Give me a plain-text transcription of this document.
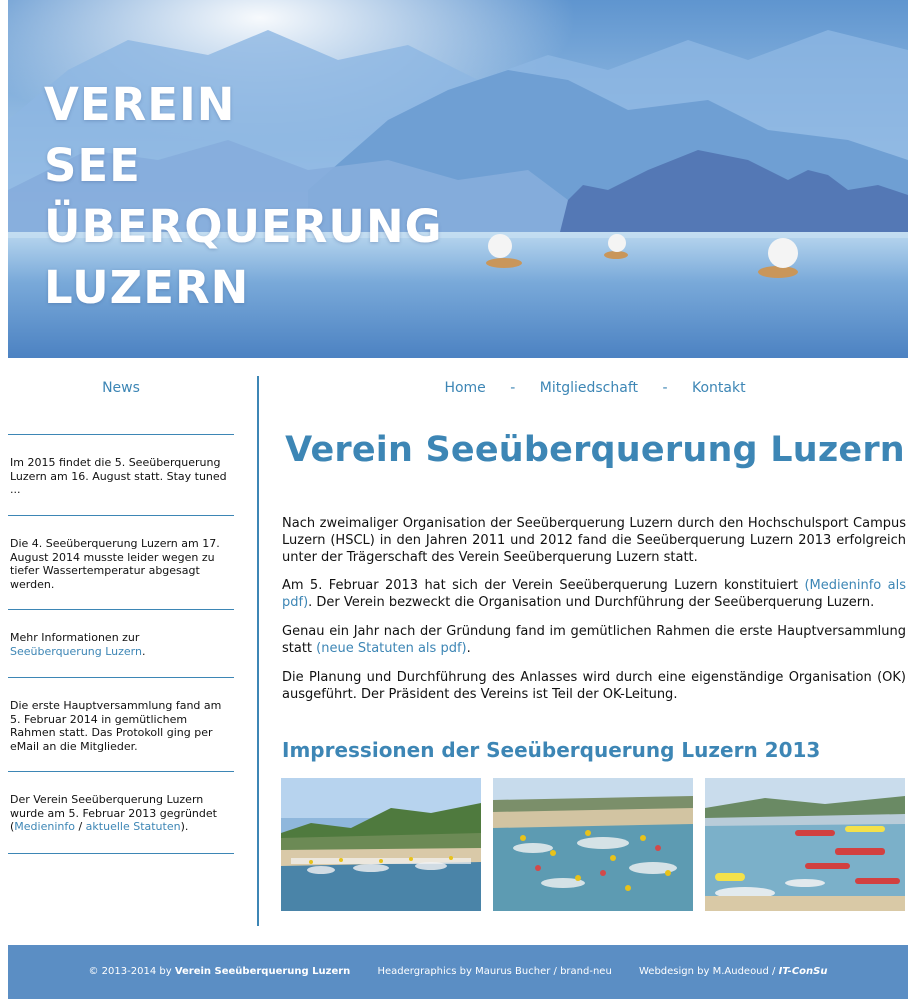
VEREIN
SEE
ÜBERQUERUNG
LUZERN
News
Im 2015 findet die 5. Seeüberquerung Luzern am 16. August statt. Stay tuned ...
Die 4. Seeüberquerung Luzern am 17. August 2014 musste leider wegen zu tiefer Wassertemperatur abgesagt werden.
Mehr Informationen zur Seeüberquerung Luzern.
Die erste Hauptversammlung fand am 5. Februar 2014 in gemütlichem Rahmen statt. Das Protokoll ging per eMail an die Mitglieder.
Der Verein Seeüberquerung Luzern wurde am 5. Februar 2013 gegründet (Medieninfo / aktuelle Statuten).
Home - Mitgliedschaft - Kontakt
Verein Seeüberquerung Luzern

Nach zweimaliger Organisation der Seeüberquerung Luzern durch den Hochschulsport Campus Luzern (HSCL) in den Jahren 2011 und 2012 fand die Seeüberquerung Luzern 2013 erfolgreich unter der Trägerschaft des Verein Seeüberquerung Luzern statt.

Am 5. Februar 2013 hat sich der Verein Seeüberquerung Luzern konstituiert (Medieninfo als pdf). Der Verein bezweckt die Organisation und Durchführung der Seeüberquerung Luzern.

Genau ein Jahr nach der Gründung fand im gemütlichen Rahmen die erste Hauptversammlung statt (neue Statuten als pdf).

Die Planung und Durchführung des Anlasses wird durch eine eigenständige Organisation (OK) ausgeführt. Der Präsident des Vereins ist Teil der OK-Leitung.

Impressionen der Seeüberquerung Luzern 2013
© 2013-2014 by Verein Seeüberquerung Luzern	Headergraphics by Maurus Bucher / brand-neu	Webdesign by M.Audeoud / IT-ConSu
